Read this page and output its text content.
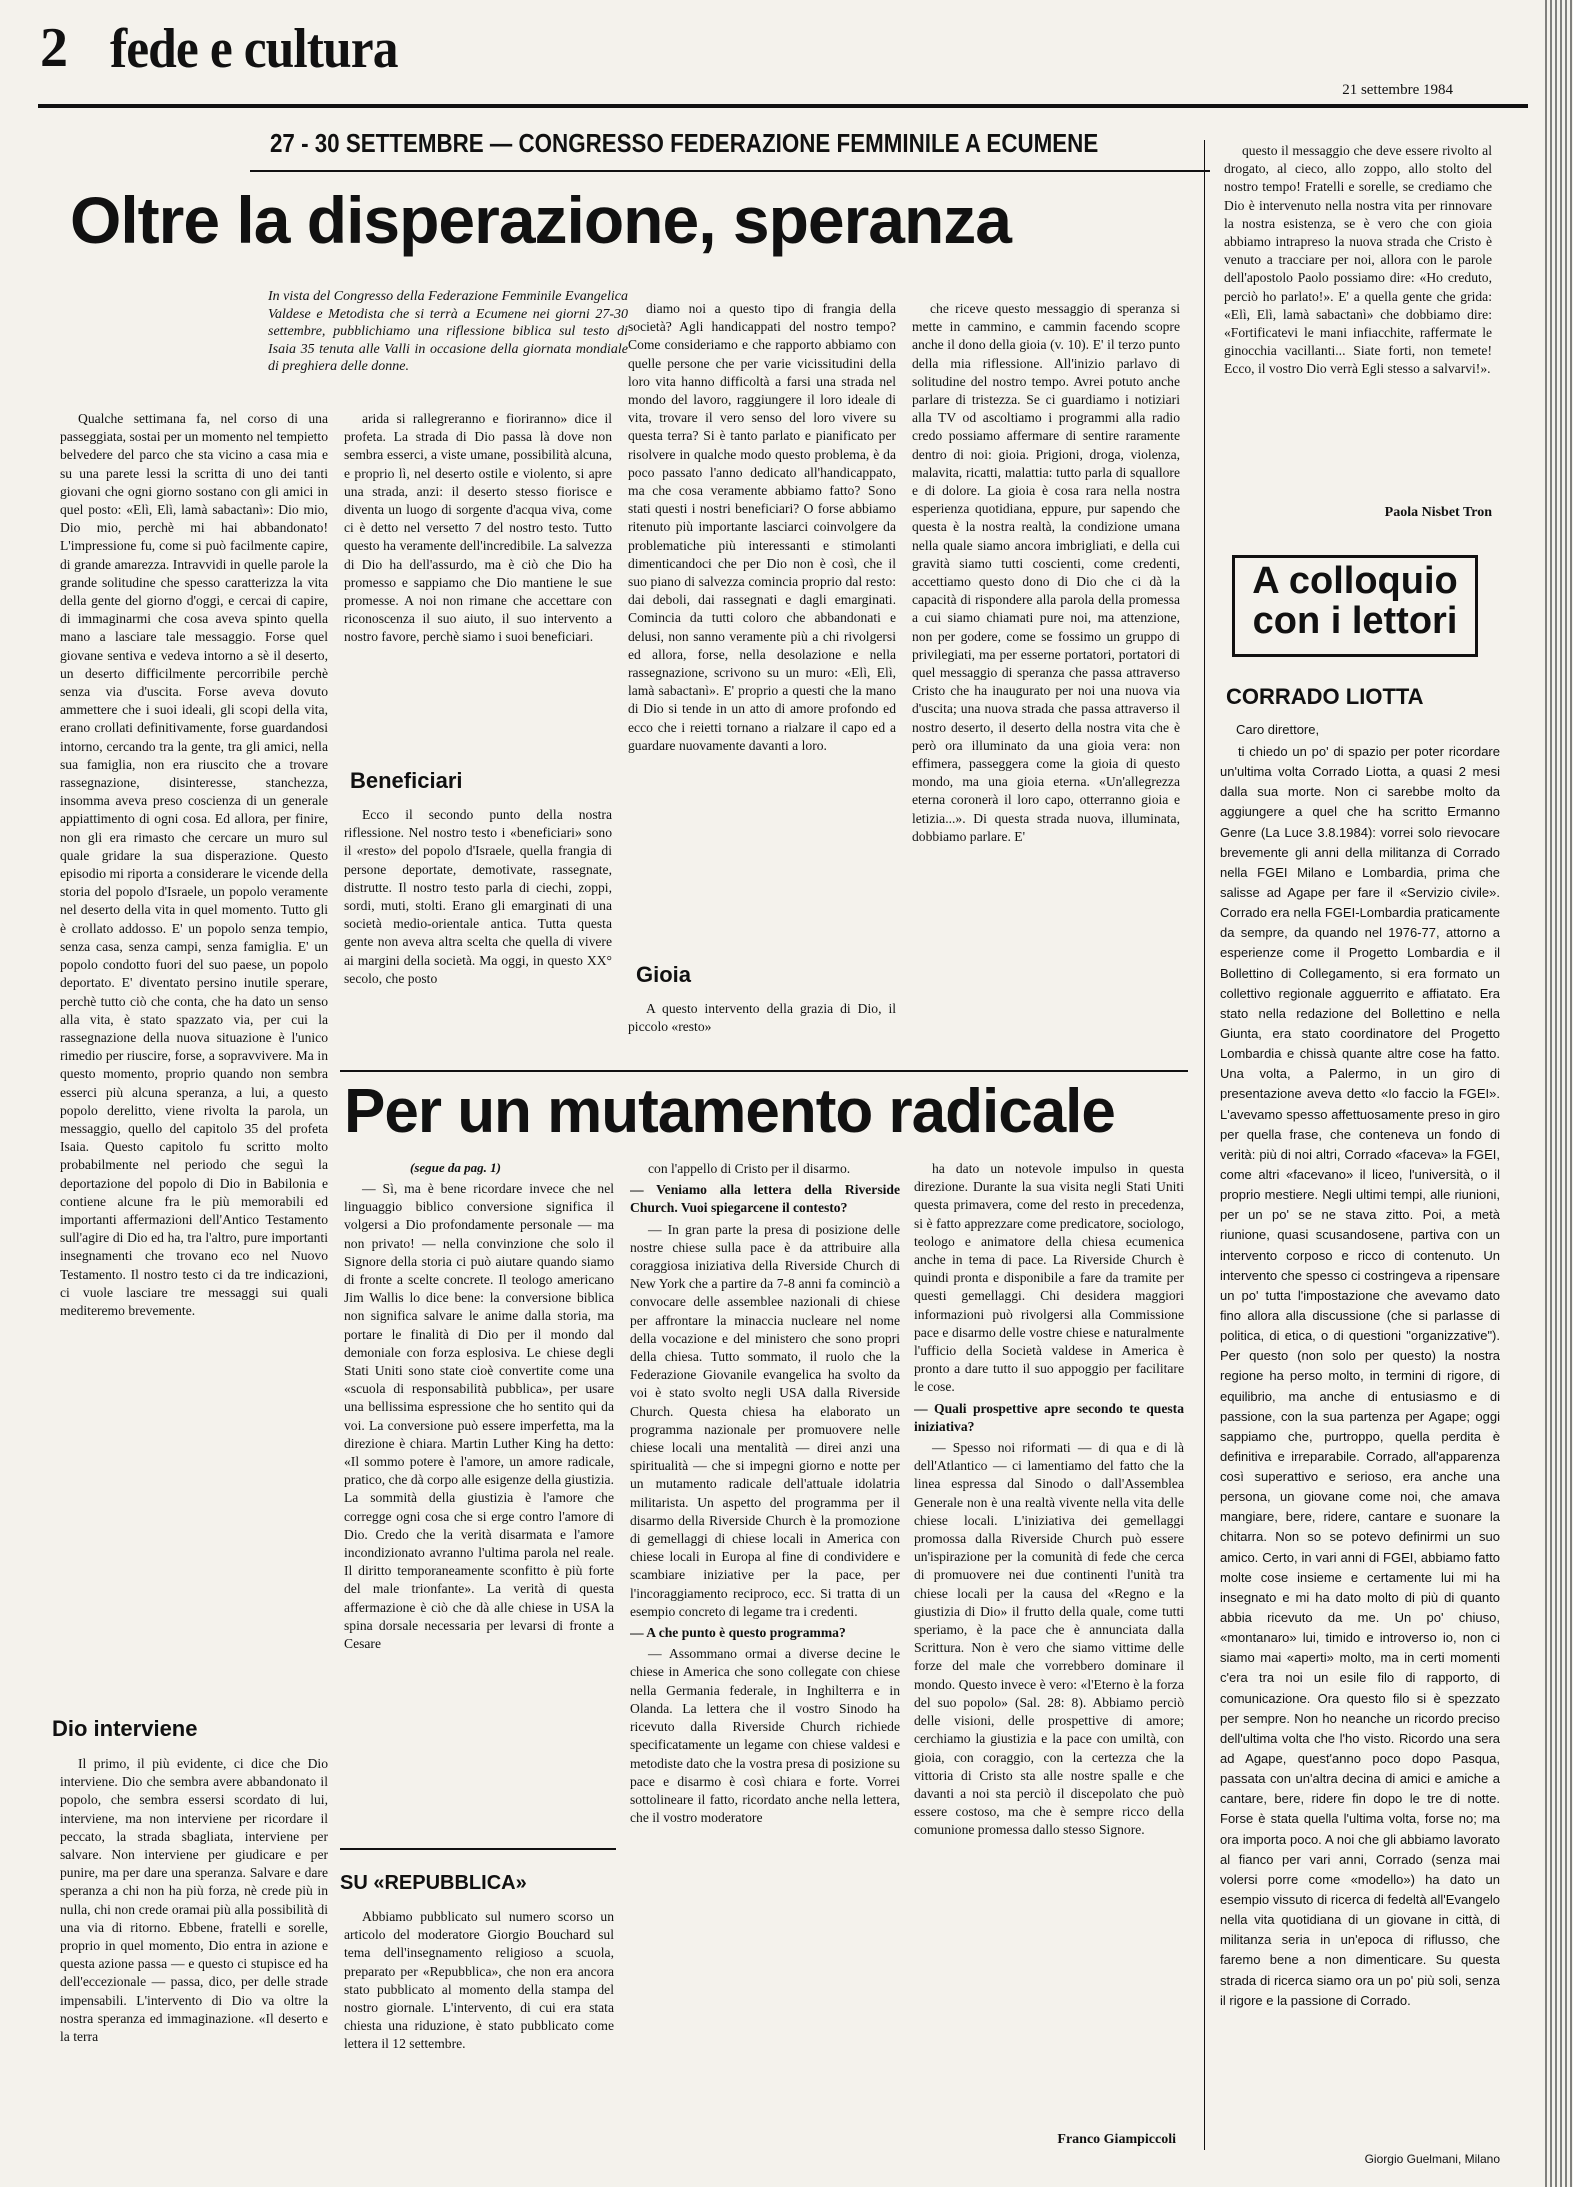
2 fede e cultura
21 settembre 1984
27 - 30 SETTEMBRE — CONGRESSO FEDERAZIONE FEMMINILE A ECUMENE
Oltre la disperazione, speranza
In vista del Congresso della Federazione Femminile Evangelica Valdese e Metodista che si terrà a Ecumene nei giorni 27-30 settembre, pubblichiamo una riflessione biblica sul testo di Isaia 35 tenuta alle Valli in occasione della giornata mondiale di preghiera delle donne.

Qualche settimana fa, nel corso di una passeggiata, sostai per un momento nel tempietto belvedere del parco che sta vicino a casa mia e su una parete lessi la scritta di uno dei tanti giovani che ogni giorno sostano con gli amici in quel posto: «Elì, Elì, lamà sabactanì»: Dio mio, Dio mio, perchè mi hai abbandonato! L'impressione fu, come si può facilmente capire, di grande amarezza. Intravvidi in quelle parole la grande solitudine che spesso caratterizza la vita della gente del giorno d'oggi, e cercai di capire, di immaginarmi che cosa aveva spinto quella mano a lasciare tale messaggio. Forse quel giovane sentiva e vedeva intorno a sè il deserto, un deserto difficilmente percorribile perchè senza via d'uscita. Forse aveva dovuto ammettere che i suoi ideali, gli scopi della vita, erano crollati definitivamente, forse guardandosi intorno, cercando tra la gente, tra gli amici, nella sua famiglia, non era riuscito che a trovare rassegnazione, disinteresse, stanchezza, insomma aveva preso coscienza di un generale appiattimento di ogni cosa. Ed allora, per finire, non gli era rimasto che cercare un muro sul quale gridare la sua disperazione. Questo episodio mi riporta a considerare le vicende della storia del popolo d'Israele, un popolo veramente nel deserto della vita in quel momento. Tutto gli è crollato addosso. E' un popolo senza tempio, senza casa, senza campi, senza famiglia. E' un popolo condotto fuori del suo paese, un popolo deportato. E' diventato persino inutile sperare, perchè tutto ciò che conta, che ha dato un senso alla vita, è stato spazzato via, per cui la rassegnazione della nuova situazione è l'unico rimedio per riuscire, forse, a sopravvivere. Ma in questo momento, proprio quando non sembra esserci più alcuna speranza, a lui, a questo popolo derelitto, viene rivolta la parola, un messaggio, quello del capitolo 35 del profeta Isaia. Questo capitolo fu scritto molto probabilmente nel periodo che seguì la deportazione del popolo di Dio in Babilonia e contiene alcune fra le più memorabili ed importanti affermazioni dell'Antico Testamento sull'agire di Dio ed ha, tra l'altro, pure importanti insegnamenti che trovano eco nel Nuovo Testamento. Il nostro testo ci da tre indicazioni, ci vuole lasciare tre messaggi sui quali mediteremo brevemente.

Dio interviene

Il primo, il più evidente, ci dice che Dio interviene. Dio che sembra avere abbandonato il popolo, che sembra essersi scordato di lui, interviene, ma non interviene per ricordare il peccato, la strada sbagliata, interviene per salvare. Non interviene per giudicare e per punire, ma per dare una speranza. Salvare e dare speranza a chi non ha più forza, nè crede più in nulla, chi non crede oramai più alla possibilità di una via di ritorno. Ebbene, fratelli e sorelle, proprio in quel momento, Dio entra in azione e questa azione passa — e questo ci stupisce ed ha dell'eccezionale — passa, dico, per delle strade impensabili. L'intervento di Dio va oltre la nostra speranza ed immaginazione. «Il deserto e la terra

arida si rallegreranno e fioriranno» dice il profeta. La strada di Dio passa là dove non sembra esserci, a viste umane, possibilità alcuna, e proprio lì, nel deserto ostile e violento, si apre una strada, anzi: il deserto stesso fiorisce e diventa un luogo di sorgente d'acqua viva, come ci è detto nel versetto 7 del nostro testo. Tutto questo ha veramente dell'incredibile. La salvezza di Dio ha dell'assurdo, ma è ciò che Dio ha promesso e sappiamo che Dio mantiene le sue promesse. A noi non rimane che accettare con riconoscenza il suo aiuto, il suo intervento a nostro favore, perchè siamo i suoi beneficiari.

Beneficiari

Ecco il secondo punto della nostra riflessione. Nel nostro testo i «beneficiari» sono il «resto» del popolo d'Israele, quella frangia di persone deportate, demotivate, rassegnate, distrutte. Il nostro testo parla di ciechi, zoppi, sordi, muti, stolti. Erano gli emarginati di una società medio-orientale antica. Tutta questa gente non aveva altra scelta che quella di vivere ai margini della società. Ma oggi, in questo XX° secolo, che posto

diamo noi a questo tipo di frangia della società? Agli handicappati del nostro tempo? Come consideriamo e che rapporto abbiamo con quelle persone che per varie vicissitudini della loro vita hanno difficoltà a farsi una strada nel mondo del lavoro, raggiungere il loro ideale di vita, trovare il vero senso del loro vivere su questa terra? Si è tanto parlato e pianificato per risolvere in qualche modo questo problema, è da poco passato l'anno dedicato all'handicappato, ma che cosa veramente abbiamo fatto? Sono stati questi i nostri beneficiari? O forse abbiamo ritenuto più importante lasciarci coinvolgere da problematiche più interessanti e stimolanti dimenticandoci che per Dio non è così, che il suo piano di salvezza comincia proprio dal resto: dai deboli, dai rassegnati e dagli emarginati. Comincia da tutti coloro che abbandonati e delusi, non sanno veramente più a chi rivolgersi ed allora, forse, nella desolazione e nella rassegnazione, scrivono su un muro: «Elì, Elì, lamà sabactanì». E' proprio a questi che la mano di Dio si tende in un atto di amore profondo ed ecco che i reietti tornano a rialzare il capo ed a guardare nuovamente davanti a loro.

Gioia

A questo intervento della grazia di Dio, il piccolo «resto»

che riceve questo messaggio di speranza si mette in cammino, e cammin facendo scopre anche il dono della gioia (v. 10). E' il terzo punto della mia riflessione. All'inizio parlavo di solitudine del nostro tempo. Avrei potuto anche parlare di tristezza. Se ci guardiamo i notiziari alla TV od ascoltiamo i programmi alla radio credo possiamo affermare di sentire raramente dentro di noi: gioia. Prigioni, droga, violenza, malavita, ricatti, malattia: tutto parla di squallore e di dolore. La gioia è cosa rara nella nostra esperienza quotidiana, eppure, pur sapendo che questa è la nostra realtà, la condizione umana nella quale siamo ancora imbrigliati, e della cui gravità siamo tutti coscienti, come credenti, accettiamo questo dono di Dio che ci dà la capacità di rispondere alla parola della promessa a cui siamo chiamati pure noi, ma attenzione, non per godere, come se fossimo un gruppo di privilegiati, ma per esserne portatori, portatori di quel messaggio di speranza che passa attraverso Cristo che ha inaugurato per noi una nuova via d'uscita; una nuova strada che passa attraverso il nostro deserto, il deserto della nostra vita che è però ora illuminato da una gioia vera: non effimera, passeggera come la gioia di questo mondo, ma una gioia eterna. «Un'allegrezza eterna coronerà il loro capo, otterranno gioia e letizia...». Di questa strada nuova, illuminata, dobbiamo parlare. E'

questo il messaggio che deve essere rivolto al drogato, al cieco, allo zoppo, allo stolto del nostro tempo! Fratelli e sorelle, se crediamo che Dio è intervenuto nella nostra vita per rinnovare la nostra esistenza, se è vero che con gioia abbiamo intrapreso la nuova strada che Cristo è venuto a tracciare per noi, allora con le parole dell'apostolo Paolo possiamo dire: «Ho creduto, perciò ho parlato!». E' a quella gente che grida: «Elì, Elì, lamà sabactanì» che dobbiamo dire: «Fortificatevi le mani infiacchite, raffermate le ginocchia vacillanti... Siate forti, non temete! Ecco, il vostro Dio verrà Egli stesso a salvarvi!».

Paola Nisbet Tron
A colloquio
con i lettori
CORRADO LIOTTA
Caro direttore,

ti chiedo un po' di spazio per poter ricordare un'ultima volta Corrado Liotta, a quasi 2 mesi dalla sua morte. Non ci sarebbe molto da aggiungere a quel che ha scritto Ermanno Genre (La Luce 3.8.1984): vorrei solo rievocare brevemente gli anni della militanza di Corrado nella FGEI Milano e Lombardia, prima che salisse ad Agape per fare il «Servizio civile». Corrado era nella FGEI-Lombardia praticamente da sempre, da quando nel 1976-77, attorno a esperienze come il Progetto Lombardia e il Bollettino di Collegamento, si era formato un collettivo regionale agguerrito e affiatato. Era stato nella redazione del Bollettino e nella Giunta, era stato coordinatore del Progetto Lombardia e chissà quante altre cose ha fatto. Una volta, a Palermo, in un giro di presentazione aveva detto «Io faccio la FGEI». L'avevamo spesso affettuosamente preso in giro per quella frase, che conteneva un fondo di verità: più di noi altri, Corrado «faceva» la FGEI, come altri «facevano» il liceo, l'università, o il proprio mestiere. Negli ultimi tempi, alle riunioni, per un po' se ne stava zitto. Poi, a metà riunione, quasi scusandosene, partiva con un intervento corposo e ricco di contenuto. Un intervento che spesso ci costringeva a ripensare un po' tutta l'impostazione che avevamo dato fino allora alla discussione (che si parlasse di politica, di etica, o di questioni "organizzative"). Per questo (non solo per questo) la nostra regione ha perso molto, in termini di rigore, di equilibrio, ma anche di entusiasmo e di passione, con la sua partenza per Agape; oggi sappiamo che, purtroppo, quella perdita è definitiva e irreparabile. Corrado, all'apparenza così superattivo e serioso, era anche una persona, un giovane come noi, che amava mangiare, bere, ridere, cantare e suonare la chitarra. Non so se potevo definirmi un suo amico. Certo, in vari anni di FGEI, abbiamo fatto molte cose insieme e certamente lui mi ha insegnato e mi ha dato molto di più di quanto abbia ricevuto da me. Un po' chiuso, «montanaro» lui, timido e introverso io, non ci siamo mai «aperti» molto, ma in certi momenti c'era tra noi un esile filo di rapporto, di comunicazione. Ora questo filo si è spezzato per sempre. Non ho neanche un ricordo preciso dell'ultima volta che l'ho visto. Ricordo una sera ad Agape, quest'anno poco dopo Pasqua, passata con un'altra decina di amici e amiche a cantare, bere, ridere fin dopo le tre di notte. Forse è stata quella l'ultima volta, forse no; ma ora importa poco. A noi che gli abbiamo lavorato al fianco per vari anni, Corrado (senza mai volersi porre come «modello») ha dato un esempio vissuto di ricerca di fedeltà all'Evangelo nella vita quotidiana di un giovane in città, di militanza seria in un'epoca di riflusso, che faremo bene a non dimenticare. Su questa strada di ricerca siamo ora un po' più soli, senza il rigore e la passione di Corrado.

Giorgio Guelmani, Milano
Per un mutamento radicale
(segue da pag. 1)

— Sì, ma è bene ricordare invece che nel linguaggio biblico conversione significa il volgersi a Dio profondamente personale — ma non privato! — nella convinzione che solo il Signore della storia ci può aiutare quando siamo di fronte a scelte concrete. Il teologo americano Jim Wallis lo dice bene: la conversione biblica non significa salvare le anime dalla storia, ma portare le finalità di Dio per il mondo dal demoniale con forza esplosiva. Le chiese degli Stati Uniti sono state cioè convertite come una «scuola di responsabilità pubblica», per usare una bellissima espressione che ho sentito qui da voi. La conversione può essere imperfetta, ma la direzione è chiara. Martin Luther King ha detto: «Il sommo potere è l'amore, un amore radicale, pratico, che dà corpo alle esigenze della giustizia. La sommità della giustizia è l'amore che corregge ogni cosa che si erge contro l'amore di Dio. Credo che la verità disarmata e l'amore incondizionato avranno l'ultima parola nel reale. Il diritto temporaneamente sconfitto è più forte del male trionfante». La verità di questa affermazione è ciò che dà alle chiese in USA la spina dorsale necessaria per levarsi di fronte a Cesare

SU «REPUBBLICA»

Abbiamo pubblicato sul numero scorso un articolo del moderatore Giorgio Bouchard sul tema dell'insegnamento religioso a scuola, preparato per «Repubblica», che non era ancora stato pubblicato al momento della stampa del nostro giornale. L'intervento, di cui era stata chiesta una riduzione, è stato pubblicato come lettera il 12 settembre.

con l'appello di Cristo per il disarmo.

— Veniamo alla lettera della Riverside Church. Vuoi spiegarcene il contesto?

— In gran parte la presa di posizione delle nostre chiese sulla pace è da attribuire alla coraggiosa iniziativa della Riverside Church di New York che a partire da 7-8 anni fa cominciò a convocare delle assemblee nazionali di chiese per affrontare la minaccia nucleare nel nome della vocazione e del ministero che sono propri della chiesa. Tutto sommato, il ruolo che la Federazione Giovanile evangelica ha svolto da voi è stato svolto negli USA dalla Riverside Church. Questa chiesa ha elaborato un programma nazionale per promuovere nelle chiese locali una mentalità — direi anzi una spiritualità — che si impegni giorno e notte per un mutamento radicale dell'attuale idolatria militarista. Un aspetto del programma per il disarmo della Riverside Church è la promozione di gemellaggi di chiese locali in America con chiese locali in Europa al fine di condividere e scambiare iniziative per la pace, per l'incoraggiamento reciproco, ecc. Si tratta di un esempio concreto di legame tra i credenti.

— A che punto è questo programma?

— Assommano ormai a diverse decine le chiese in America che sono collegate con chiese nella Germania federale, in Inghilterra e in Olanda. La lettera che il vostro Sinodo ha ricevuto dalla Riverside Church richiede specificatamente un legame con chiese valdesi e metodiste dato che la vostra presa di posizione su pace e disarmo è così chiara e forte. Vorrei sottolineare il fatto, ricordato anche nella lettera, che il vostro moderatore

ha dato un notevole impulso in questa direzione. Durante la sua visita negli Stati Uniti questa primavera, come del resto in precedenza, si è fatto apprezzare come predicatore, sociologo, teologo e animatore della chiesa ecumenica anche in tema di pace. La Riverside Church è quindi pronta e disponibile a fare da tramite per questi gemellaggi. Chi desidera maggiori informazioni può rivolgersi alla Commissione pace e disarmo delle vostre chiese e naturalmente l'ufficio della Società valdese in America è pronto a dare tutto il suo appoggio per facilitare le cose.

— Quali prospettive apre secondo te questa iniziativa?

— Spesso noi riformati — di qua e di là dell'Atlantico — ci lamentiamo del fatto che la linea espressa dal Sinodo o dall'Assemblea Generale non è una realtà vivente nella vita delle chiese locali. L'iniziativa dei gemellaggi promossa dalla Riverside Church può essere un'ispirazione per la comunità di fede che cerca di promuovere nei due continenti l'unità tra chiese locali per la causa del «Regno e la giustizia di Dio» il frutto della quale, come tutti speriamo, è la pace che è annunciata dalla Scrittura. Non è vero che siamo vittime delle forze del male che vorrebbero dominare il mondo. Questo invece è vero: «l'Eterno è la forza del suo popolo» (Sal. 28: 8). Abbiamo perciò delle visioni, delle prospettive di amore; cerchiamo la giustizia e la pace con umiltà, con gioia, con coraggio, con la certezza che la vittoria di Cristo sta alle nostre spalle e che davanti a noi sta perciò il discepolato che può essere costoso, ma che è sempre ricco della comunione promessa dallo stesso Signore.

Franco Giampiccoli
